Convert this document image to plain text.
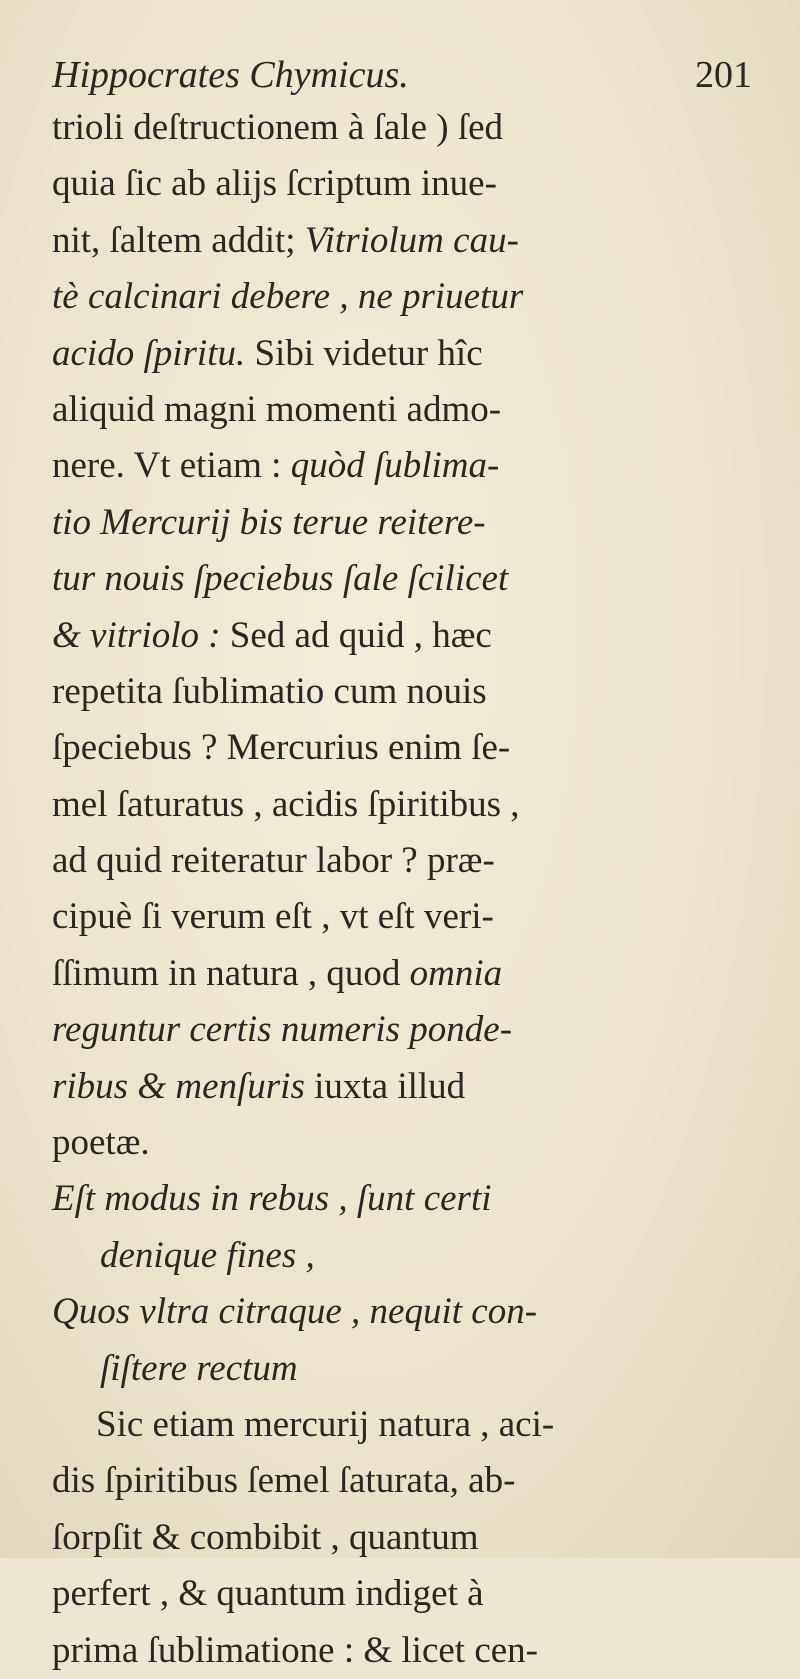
Hippocrates Chymicus.	201
trioli deſtructionem à ſale ) ſed
quia ſic ab alijs ſcriptum inue-
nit, ſaltem addit; Vitriolum cau-
tè calcinari debere , ne priuetur
acido ſpiritu. Sibi videtur hîc
aliquid magni momenti admo-
nere. Vt etiam : quòd ſublima-
tio Mercurij bis terue reitere-
tur nouis ſpeciebus ſale ſcilicet
& vitriolo : Sed ad quid , hæc
repetita ſublimatio cum nouis
ſpeciebus ? Mercurius enim ſe-
mel ſaturatus , acidis ſpiritibus ,
ad quid reiteratur labor ? præ-
cipuè ſi verum eſt , vt eſt veri-
ſſimum in natura , quod omnia
reguntur certis numeris ponde-
ribus & menſuris iuxta illud
poetæ.
Eſt modus in rebus , ſunt certi
denique fines ,
Quos vltra citraque , nequit con-
ſiſtere rectum
Sic etiam mercurij natura , aci-
dis ſpiritibus ſemel ſaturata, ab-
ſorpſit & combibit , quantum
perfert , & quantum indiget à
prima ſublimatione : & licet cen-
